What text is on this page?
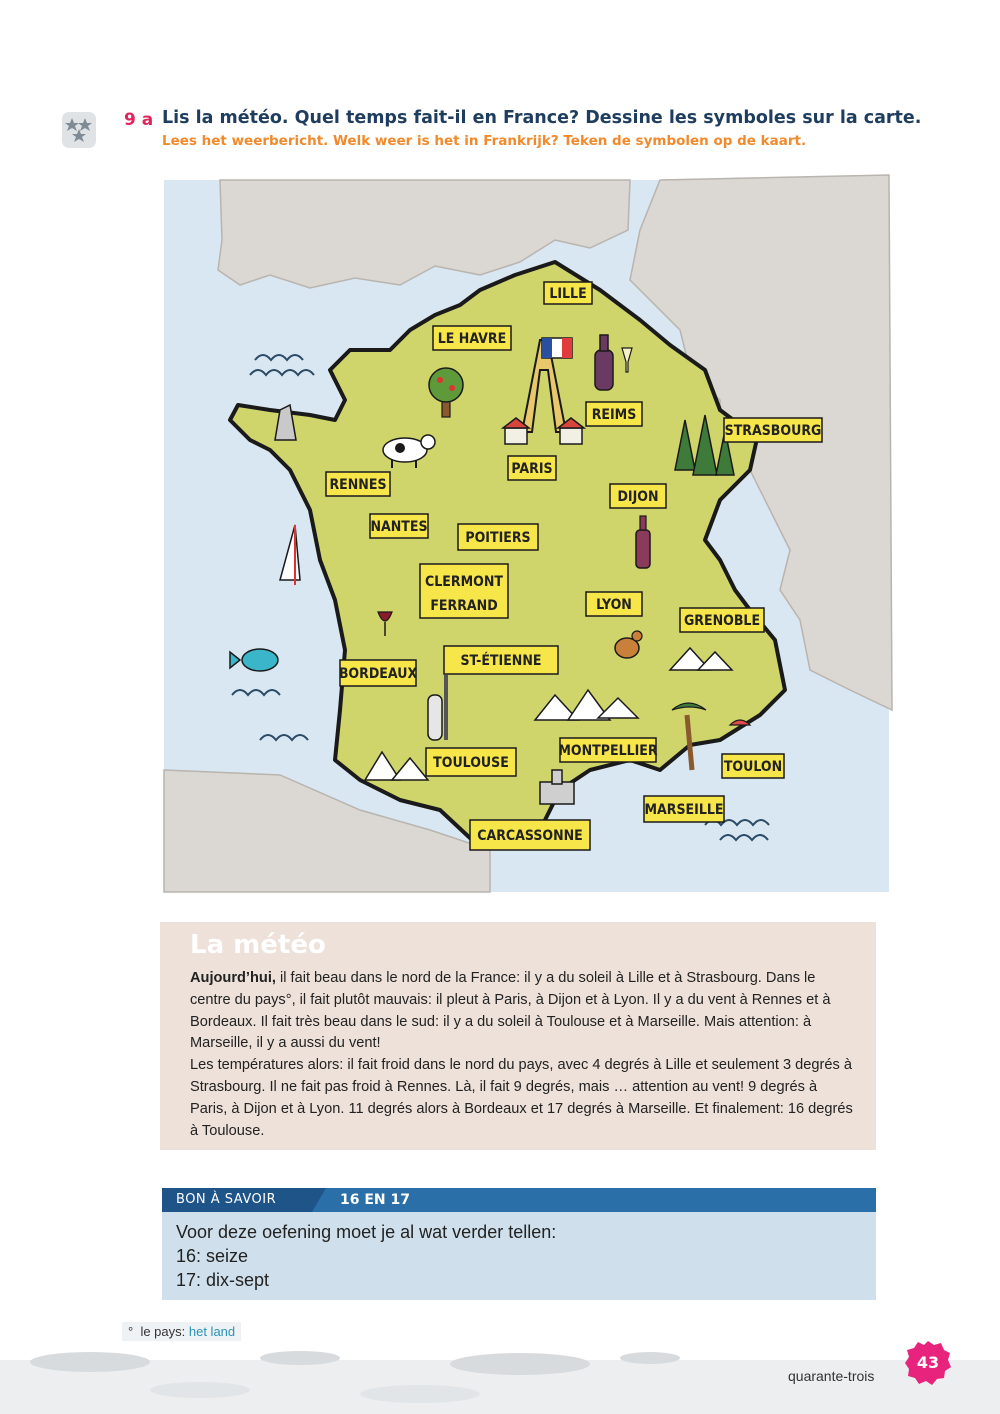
9 a Lis la météo. Quel temps fait-il en France? Dessine les symboles sur la carte.
Lees het weerbericht. Welk weer is het in Frankrijk? Teken de symbolen op de kaart.
LILLE
LE HAVRE
REIMS
STRASBOURG
PARIS
RENNES
DIJON
NANTES
POITIERS
CLERMONT
FERRAND	LYON
GRENOBLE
BORDEAUX
ST-ÉTIENNE
MONTPELLIER
TOULOUSE	TOULON
MARSEILLE
CARCASSONNE
La météo

Aujourd’hui, il fait beau dans le nord de la France: il y a du soleil à Lille et à Strasbourg. Dans le centre du pays°, il fait plutôt mauvais: il pleut à Paris, à Dijon et à Lyon. Il y a du vent à Rennes et à Bordeaux. Il fait très beau dans le sud: il y a du soleil à Toulouse et à Marseille. Mais attention: à Marseille, il y a aussi du vent!

Les températures alors: il fait froid dans le nord du pays, avec 4 degrés à Lille et seulement 3 degrés à Strasbourg. Il ne fait pas froid à Rennes. Là, il fait 9 degrés, mais … attention au vent! 9 degrés à Paris, à Dijon et à Lyon. 11 degrés alors à Bordeaux et 17 degrés à Marseille. Et finalement: 16 degrés à Toulouse.

BON À SAVOIR	16 EN 17
Voor deze oefening moet je al wat verder tellen:
16: seize
17: dix-sept
° le pays: het land
quarante-trois
43
